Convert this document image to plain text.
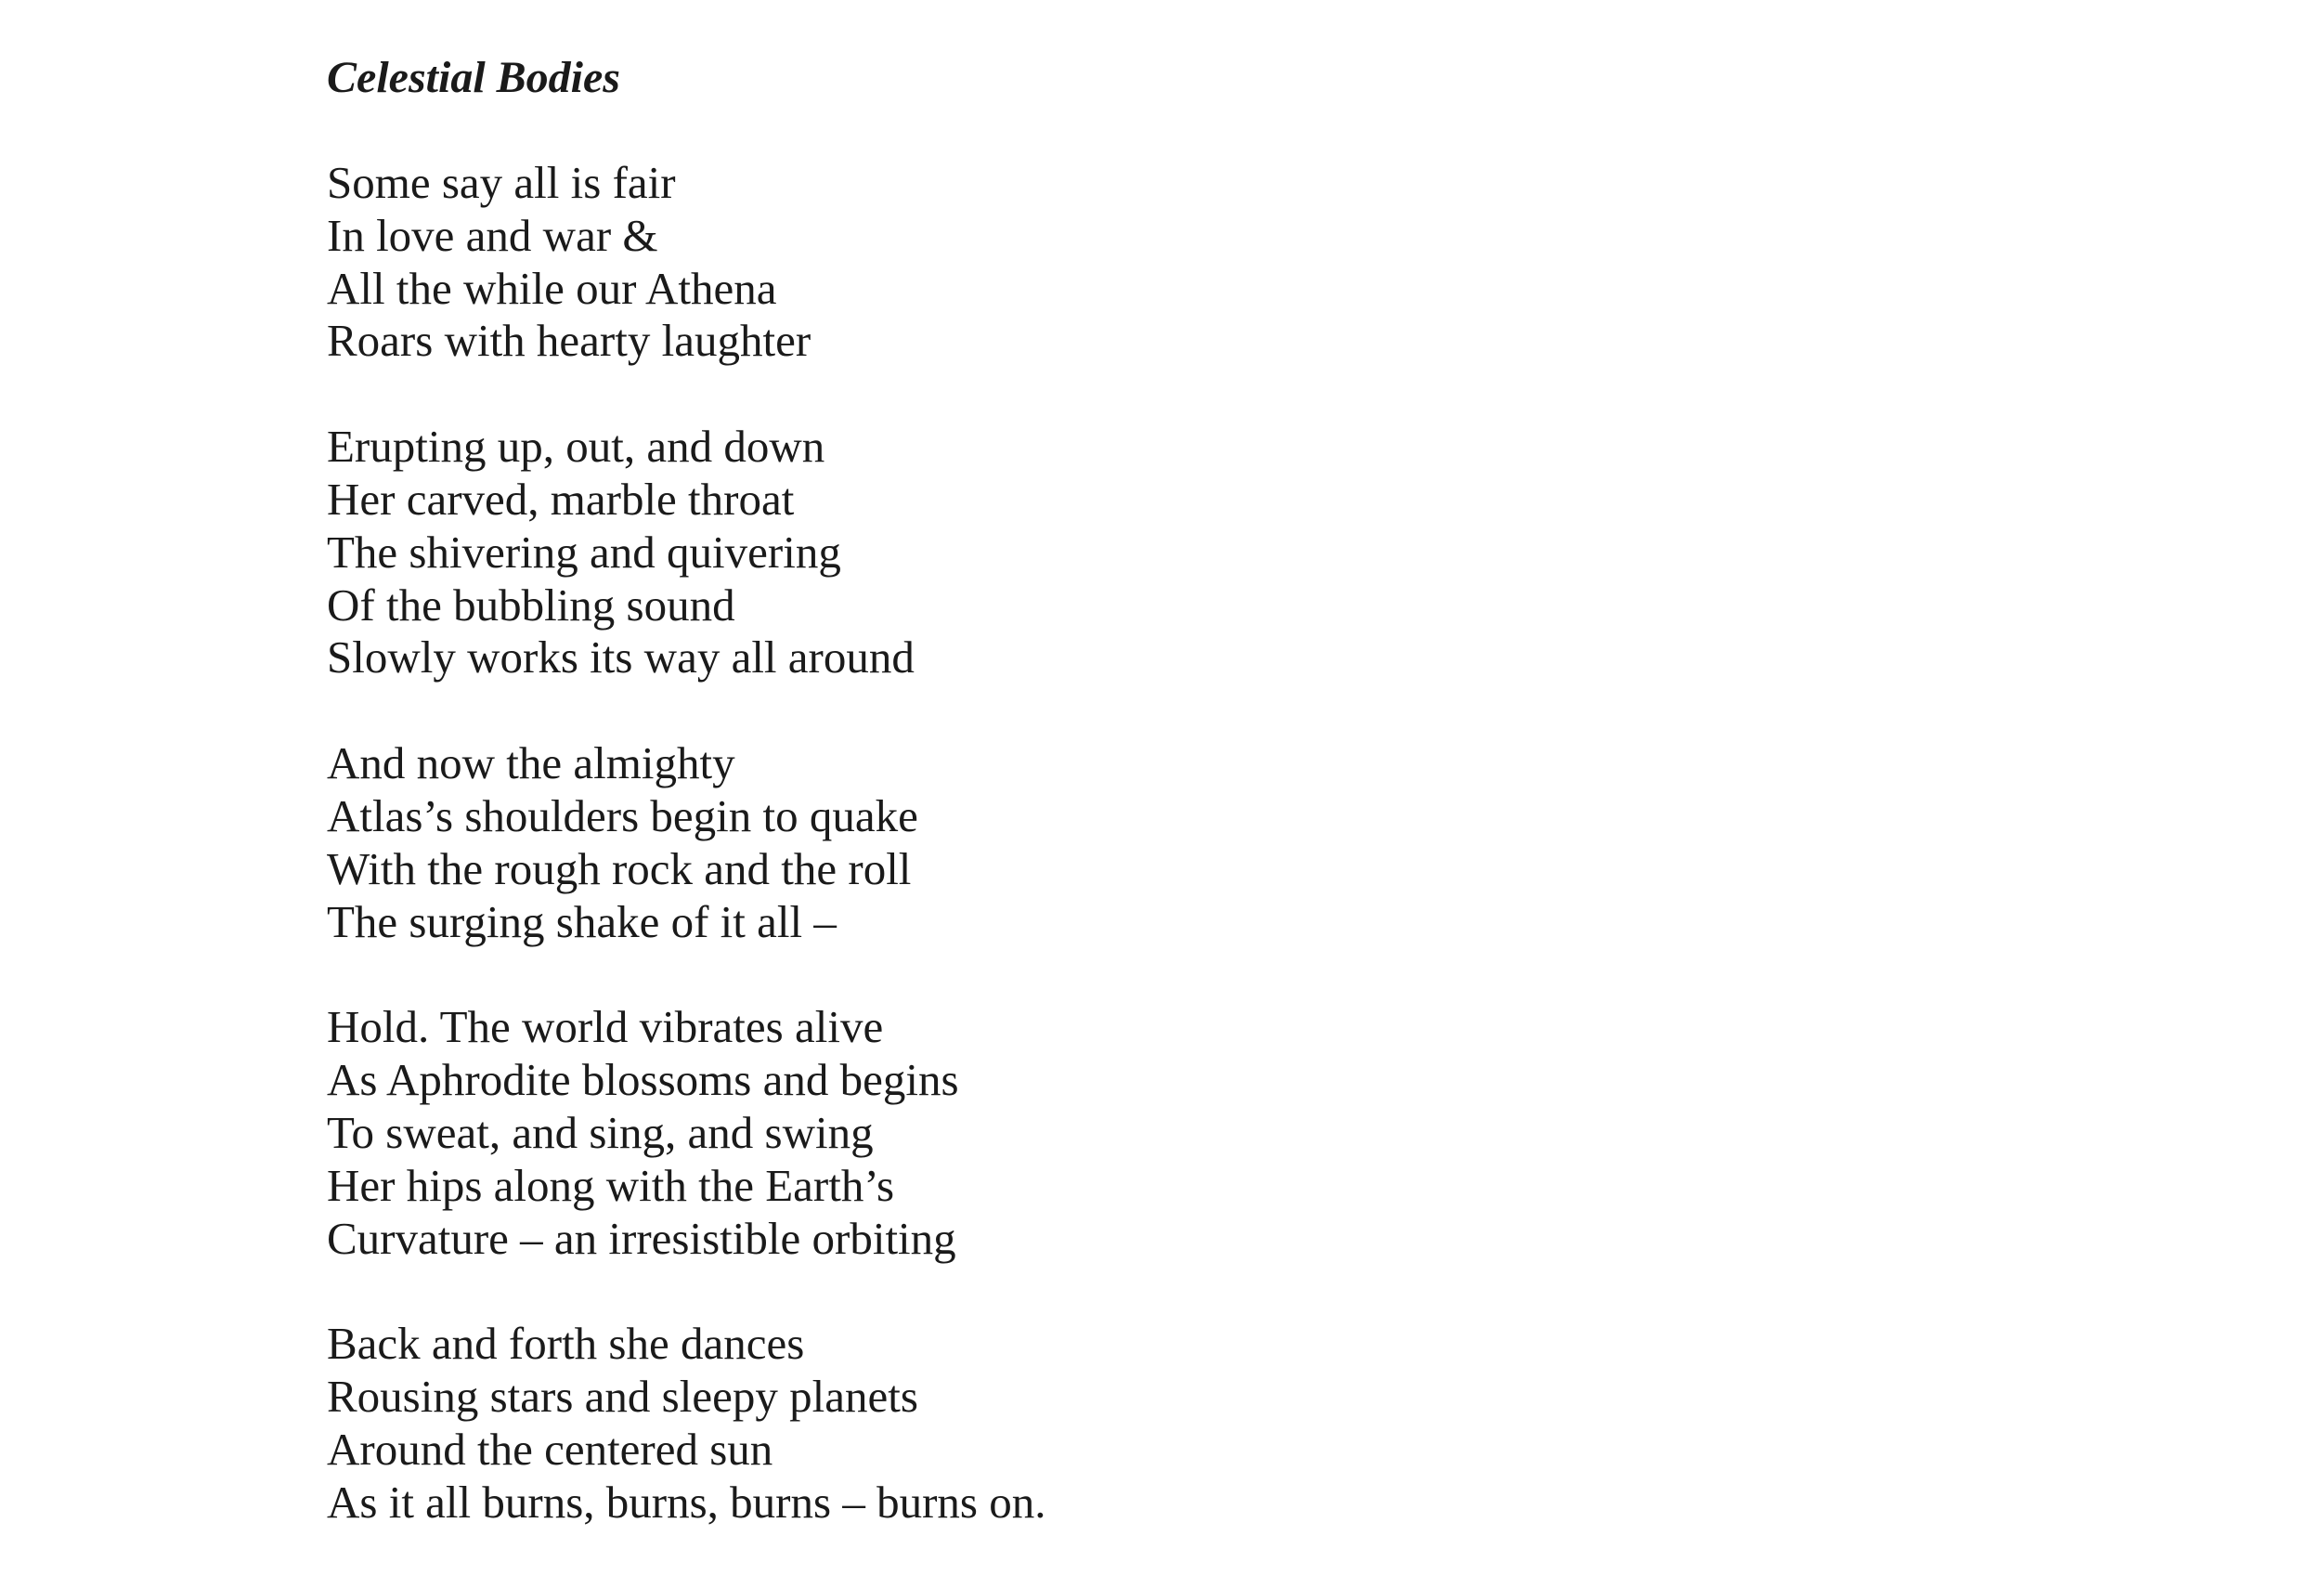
Celestial Bodies
Some say all is fair
In love and war &
All the while our Athena
Roars with hearty laughter
Erupting up, out, and down
Her carved, marble throat
The shivering and quivering
Of the bubbling sound
Slowly works its way all around
And now the almighty
Atlas’s shoulders begin to quake
With the rough rock and the roll
The surging shake of it all –
Hold. The world vibrates alive
As Aphrodite blossoms and begins
To sweat, and sing, and swing
Her hips along with the Earth’s
Curvature – an irresistible orbiting
Back and forth she dances
Rousing stars and sleepy planets
Around the centered sun
As it all burns, burns, burns – burns on.
